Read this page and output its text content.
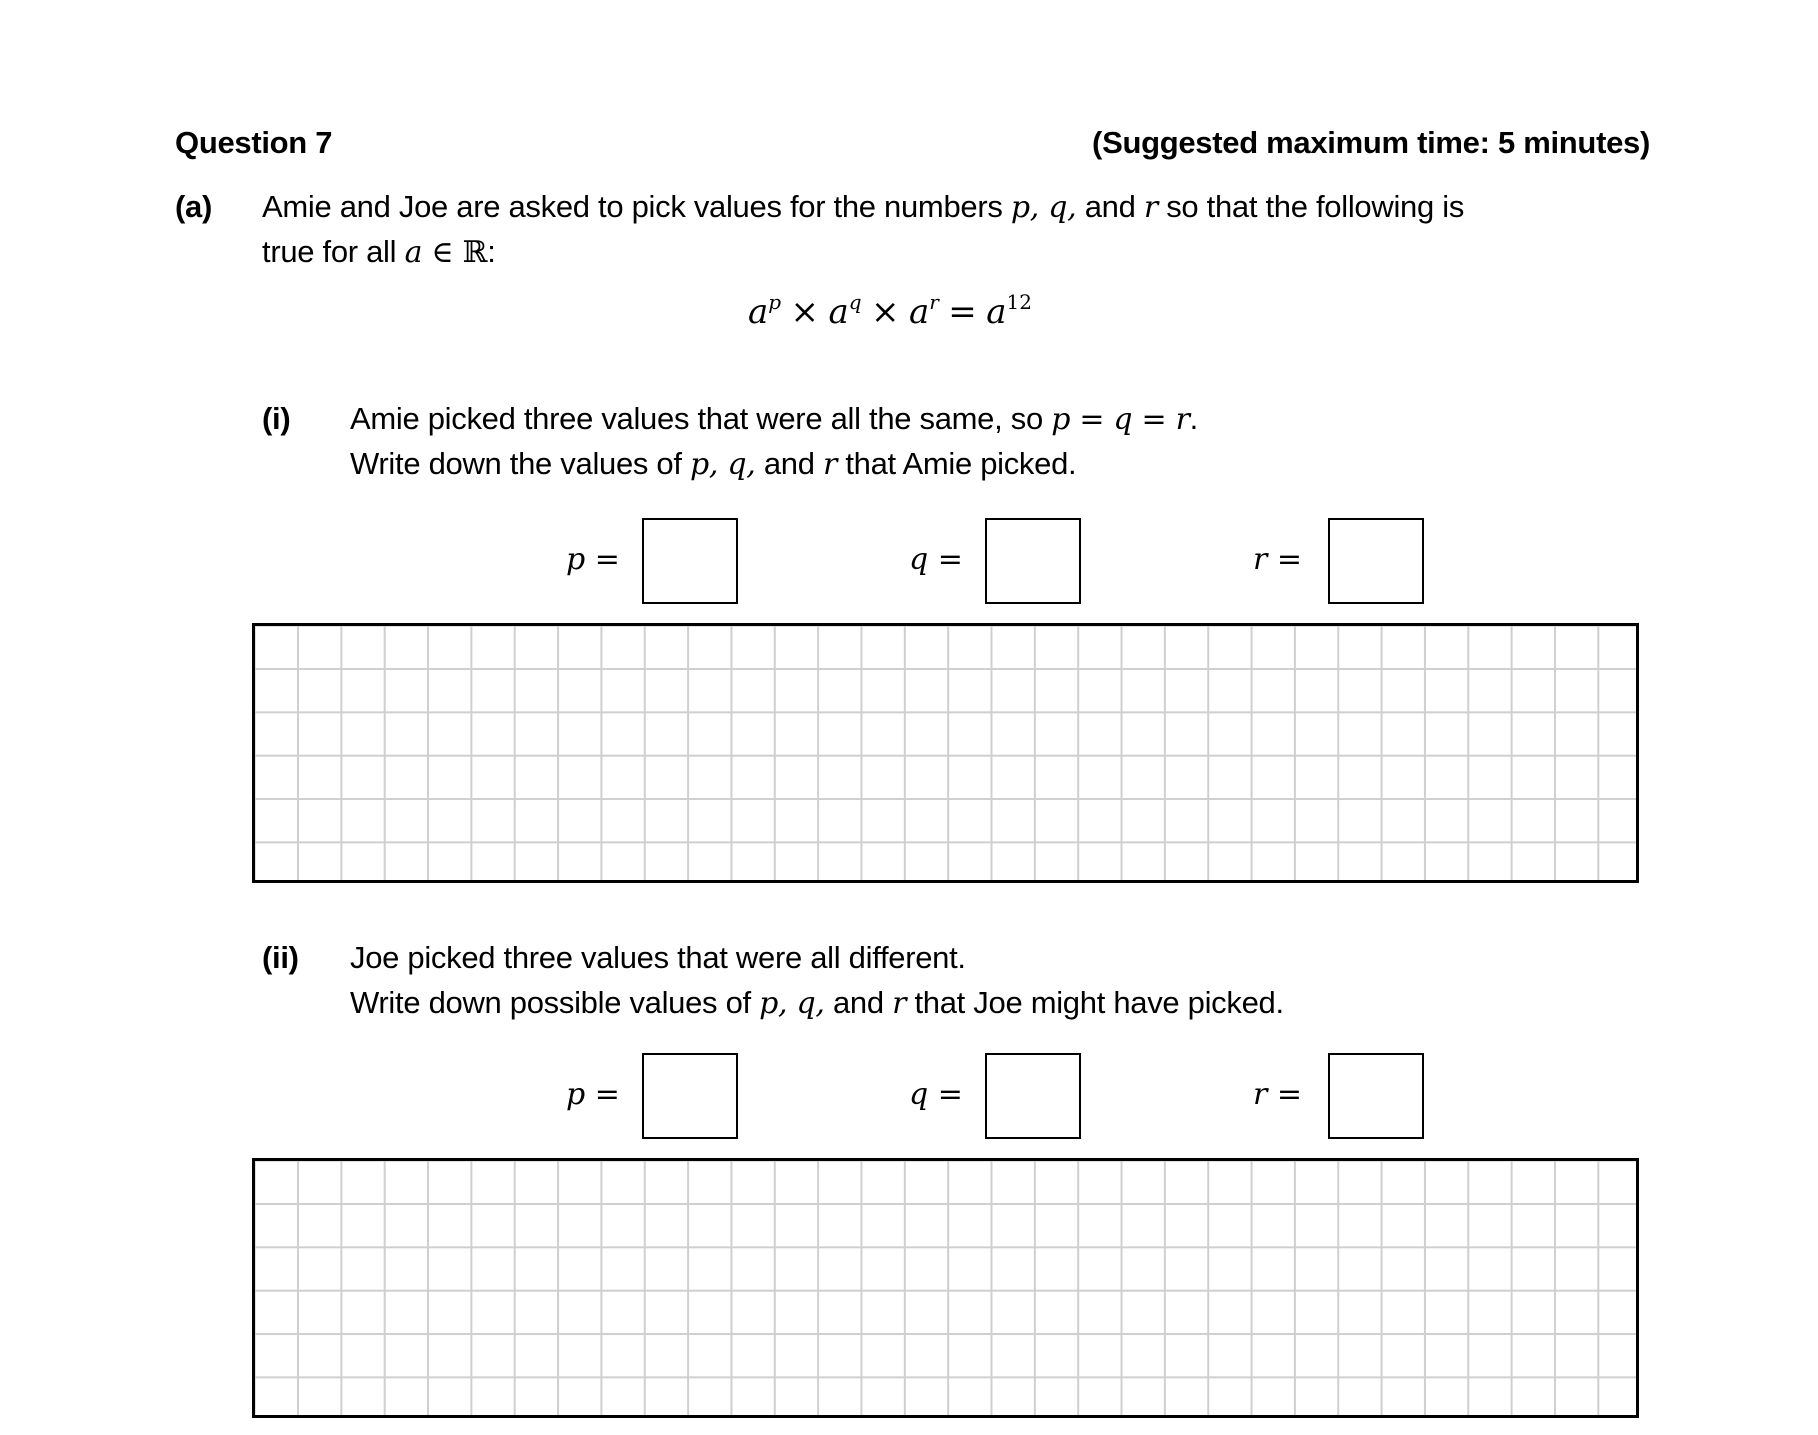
Question 7	(Suggested maximum time: 5 minutes)
(a) Amie and Joe are asked to pick values for the numbers p, q, and r so that the following is
true for all a ∈ ℝ:
$a^p \times a^q \times a^r = a^{12}$
(i) Amie picked three values that were all the same, so p = q = r.
Write down the values of p, q, and r that Amie picked.
p =	q =	r =
(ii) Joe picked three values that were all different.
Write down possible values of p, q, and r that Joe might have picked.
p =	q =	r =
